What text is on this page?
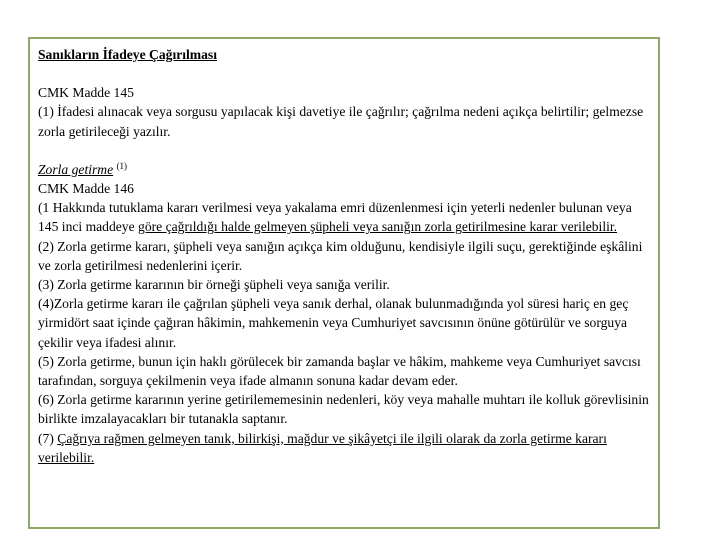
Sanıkların İfadeye Çağırılması

CMK Madde 145

(1) İfadesi alınacak veya sorgusu yapılacak kişi davetiye ile çağrılır; çağrılma nedeni açıkça belirtilir; gelmezse zorla getirileceği yazılır.

Zorla getirme $^{(1)}$

CMK Madde 146

(1 Hakkında tutuklama kararı verilmesi veya yakalama emri düzenlenmesi için yeterli nedenler bulunan veya 145 inci maddeye göre çağrıldığı halde gelmeyen şüpheli veya sanığın zorla getirilmesine karar verilebilir.

(2) Zorla getirme kararı, şüpheli veya sanığın açıkça kim olduğunu, kendisiyle ilgili suçu, gerektiğinde eşkâlini ve zorla getirilmesi nedenlerini içerir.

(3) Zorla getirme kararının bir örneği şüpheli veya sanığa verilir.

(4)Zorla getirme kararı ile çağrılan şüpheli veya sanık derhal, olanak bulunmadığında yol süresi hariç en geç yirmidört saat içinde çağıran hâkimin, mahkemenin veya Cumhuriyet savcısının önüne götürülür ve sorguya çekilir veya ifadesi alınır.

(5) Zorla getirme, bunun için haklı görülecek bir zamanda başlar ve hâkim, mahkeme veya Cumhuriyet savcısı tarafından, sorguya çekilmenin veya ifade almanın sonuna kadar devam eder.

(6) Zorla getirme kararının yerine getirilememesinin nedenleri, köy veya mahalle muhtarı ile kolluk görevlisinin birlikte imzalayacakları bir tutanakla saptanır.

(7) Çağrıya rağmen gelmeyen tanık, bilirkişi, mağdur ve şikâyetçi ile ilgili olarak da zorla getirme kararı verilebilir.
